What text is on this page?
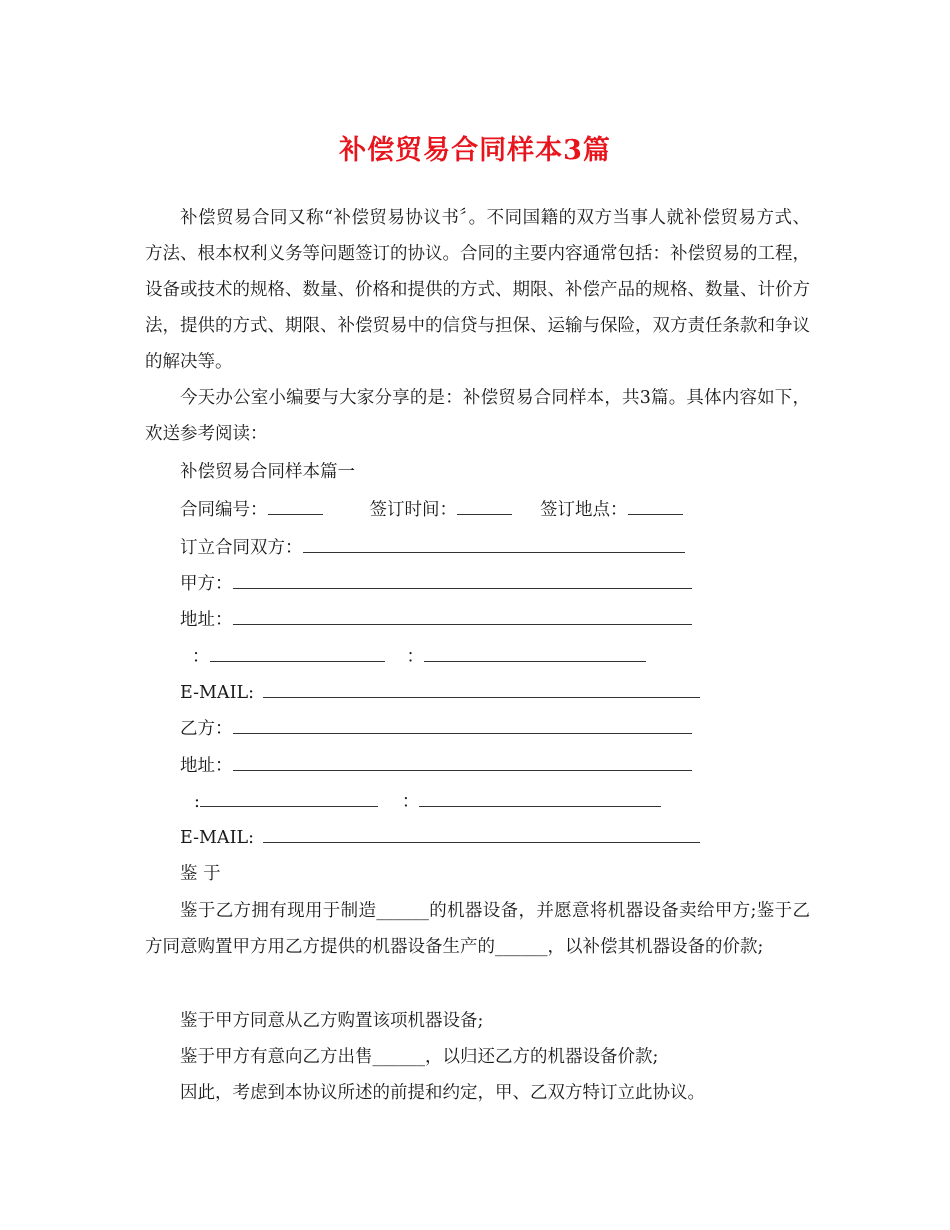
补偿贸易合同样本3篇
补偿贸易合同又称“补偿贸易协议书〞。不同国籍的双方当事人就补偿贸易方式、方法、根本权利义务等问题签订的协议。合同的主要内容通常包括：补偿贸易的工程，设备或技术的规格、数量、价格和提供的方式、期限、补偿产品的规格、数量、计价方法，提供的方式、期限、补偿贸易中的信贷与担保、运输与保险，双方责任条款和争议的解决等。
今天办公室小编要与大家分享的是：补偿贸易合同样本，共3篇。具体内容如下，欢送参考阅读：
补偿贸易合同样本篇一
合同编号：	签订时间：	签订地点：
订立合同双方：
甲方：
地址：
：	：
E-MAIL:
乙方：
地址：
:	：
E-MAIL:
鉴 于
鉴于乙方拥有现用于制造______的机器设备，并愿意将机器设备卖给甲方;鉴于乙方同意购置甲方用乙方提供的机器设备生产的______，以补偿其机器设备的价款;
鉴于甲方同意从乙方购置该项机器设备;
鉴于甲方有意向乙方出售______，以归还乙方的机器设备价款;
因此，考虑到本协议所述的前提和约定，甲、乙双方特订立此协议。
